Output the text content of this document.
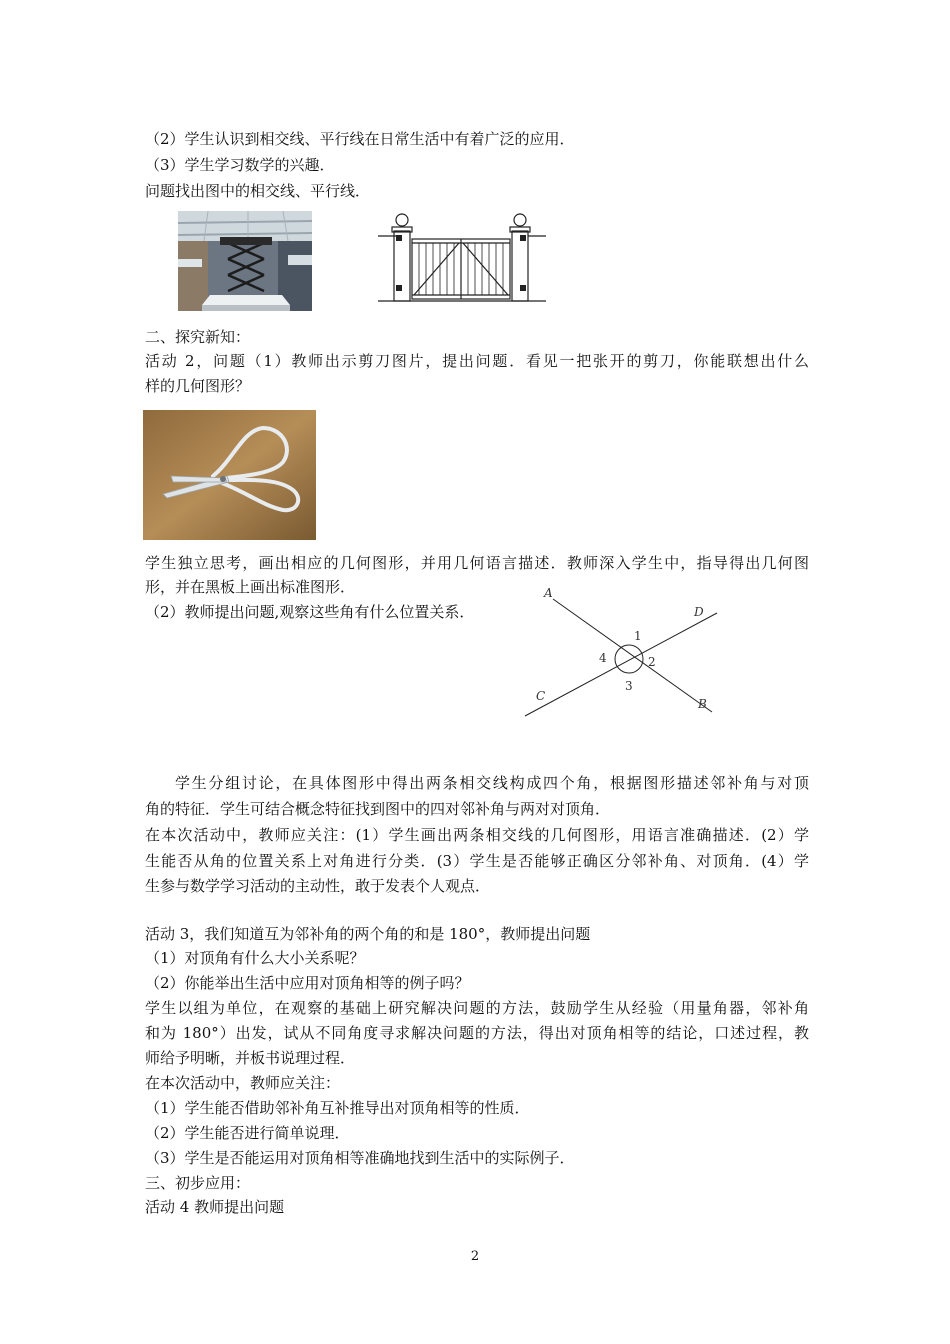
（2）学生认识到相交线、平行线在日常生活中有着广泛的应用．
（3）学生学习数学的兴趣．
问题找出图中的相交线、平行线．
二、探究新知：
活动 2，问题（1）教师出示剪刀图片，提出问题．看见一把张开的剪刀，你能联想出什么
样的几何图形？
学生独立思考，画出相应的几何图形，并用几何语言描述．教师深入学生中，指导得出几何图
形，并在黑板上画出标准图形．
（2）教师提出问题,观察这些角有什么位置关系．
A
D
C
B
1
2
3
4
学生分组讨论，在具体图形中得出两条相交线构成四个角，根据图形描述邻补角与对顶
角的特征．学生可结合概念特征找到图中的四对邻补角与两对对顶角．
在本次活动中，教师应关注：(1）学生画出两条相交线的几何图形，用语言准确描述．(2）学
生能否从角的位置关系上对角进行分类．(3）学生是否能够正确区分邻补角、对顶角．(4）学
生参与数学学习活动的主动性，敢于发表个人观点．
活动 3，我们知道互为邻补角的两个角的和是 180°，教师提出问题
（1）对顶角有什么大小关系呢？
（2）你能举出生活中应用对顶角相等的例子吗？
学生以组为单位，在观察的基础上研究解决问题的方法，鼓励学生从经验（用量角器，邻补角
和为 180°）出发，试从不同角度寻求解决问题的方法，得出对顶角相等的结论，口述过程，教
师给予明晰，并板书说理过程．
在本次活动中，教师应关注：
（1）学生能否借助邻补角互补推导出对顶角相等的性质．
（2）学生能否进行简单说理．
（3）学生是否能运用对顶角相等准确地找到生活中的实际例子．
三、初步应用：
活动 4 教师提出问题
2
